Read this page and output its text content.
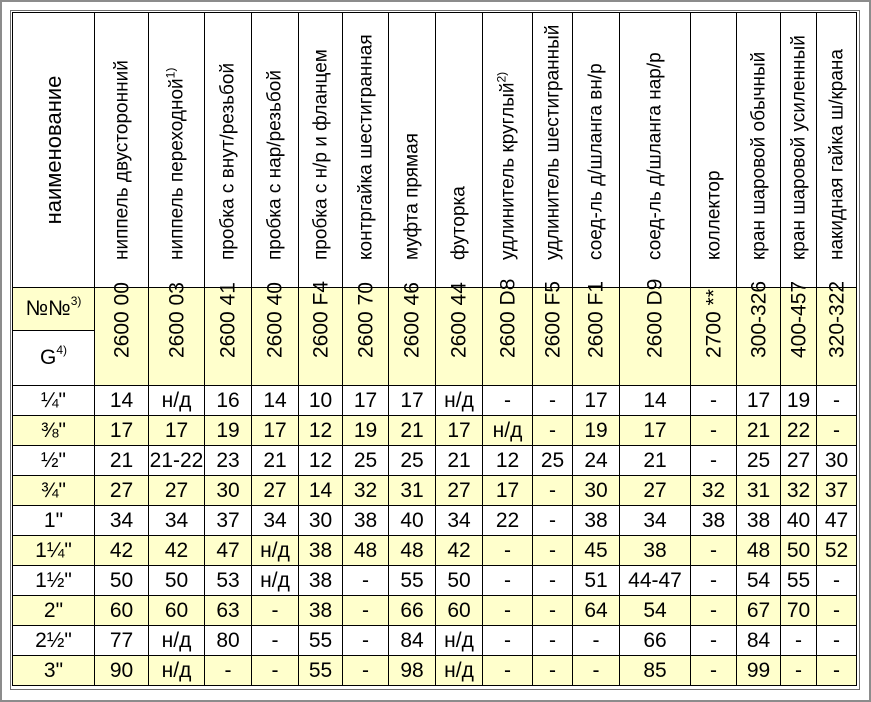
наименование	ниппель двусторонний	ниппель переходной$^{1)}$	пробка с внут/резьбой	пробка с нар/резьбой	пробка с н/р и фланцем	контргайка шестигранная	муфта прямая	футорка	удлинитель круглый$^{2)}$	удлинитель шестигранный	соед-ль д/шланга вн/р	соед-ль д/шланга нар/р	коллектор	кран шаровой обычный	кран шаровой усиленный	накидная гайка ш/крана

№№$^{3)}$	2600 00	2600 03	2600 41	2600 40	2600 F4	2600 70	2600 46	2600 44	2600 D8	2600 F5	2600 F1	2600 D9	2700 **	300-326	400-457	320-322

$G^{4)}$
¼"	14	н/д	16	14	10	17	17	н/д	-	-	17	14	-	17	19	-
⅜"	17	17	19	17	12	19	21	17	н/д	-	19	17	-	21	22	-
½"	21	21-22	23	21	12	25	25	21	12	25	24	21	-	25	27	30
¾"	27	27	30	27	14	32	31	27	17	-	30	27	32	31	32	37
1"	34	34	37	34	30	38	40	34	22	-	38	34	38	38	40	47
1¼"	42	42	47	н/д	38	48	48	42	-	-	45	38	-	48	50	52
1½"	50	50	53	н/д	38	-	55	50	-	-	51	44-47	-	54	55	-
2"	60	60	63	-	38	-	66	60	-	-	64	54	-	67	70	-
2½"	77	н/д	80	-	55	-	84	н/д	-	-	-	66	-	84	-	-
3"	90	н/д	-	-	55	-	98	н/д	-	-	-	85	-	99	-	-
